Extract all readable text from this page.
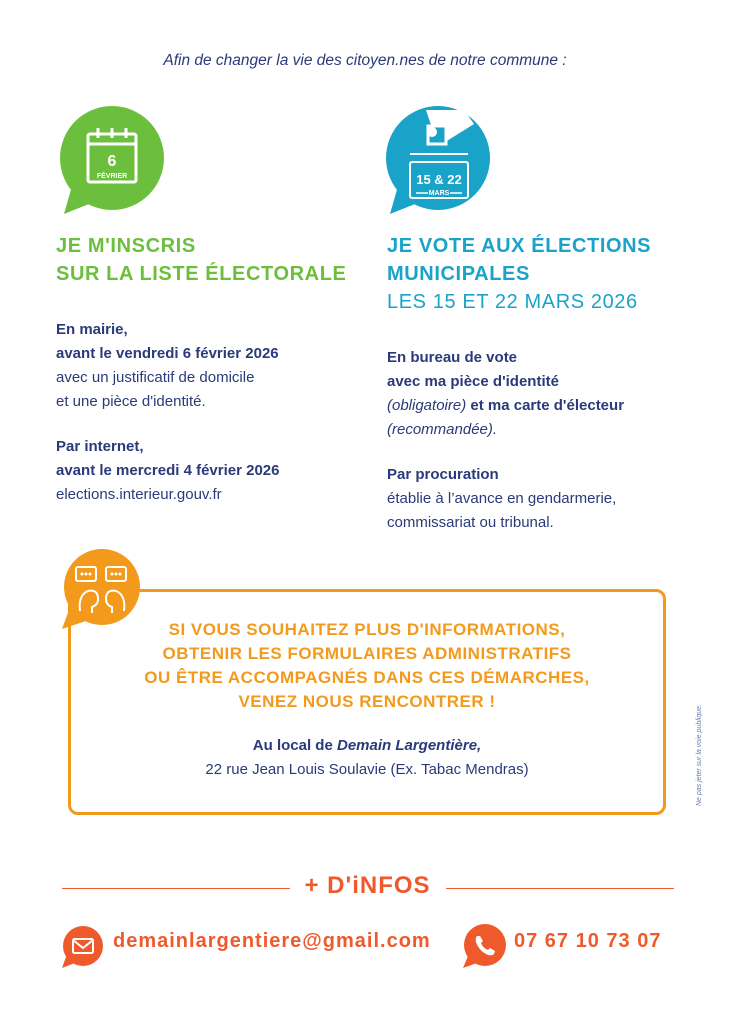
Afin de changer la vie des citoyen.nes de notre commune :
6
FÉVRIER	15 & 22
MARS
JE M'INSCRIS
SUR LA LISTE ÉLECTORALE
En mairie,
avant le vendredi 6 février 2026
avec un justificatif de domicile
et une pièce d'identité.
Par internet,
avant le mercredi 4 février 2026
elections.interieur.gouv.fr
JE VOTE AUX ÉLECTIONS
MUNICIPALES
LES 15 ET 22 MARS 2026
En bureau de vote
avec ma pièce d'identité
(obligatoire) et ma carte d'électeur
(recommandée).
Par procuration
établie à l’avance en gendarmerie,
commissariat ou tribunal.
SI VOUS SOUHAITEZ PLUS D'INFORMATIONS,
OBTENIR LES FORMULAIRES ADMINISTRATIFS
OU ÊTRE ACCOMPAGNÉS DANS CES DÉMARCHES,
VENEZ NOUS RENCONTRER !
Au local de Demain Largentière,
22 rue Jean Louis Soulavie (Ex. Tabac Mendras)	Ne pas jeter sur la voie publique.
+ D'iNFOS
demainlargentiere@gmail.com	07 67 10 73 07
